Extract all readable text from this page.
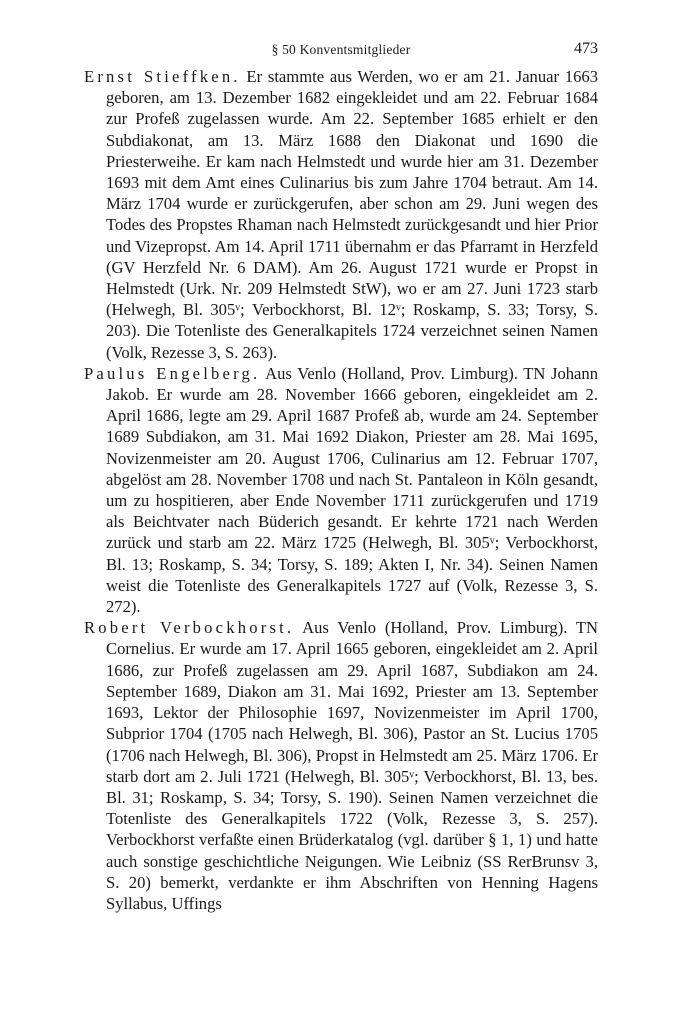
§ 50 Konventsmitglieder	473

Ernst Stieffken. Er stammte aus Werden, wo er am 21. Januar 1663 geboren, am 13. Dezember 1682 eingekleidet und am 22. Februar 1684 zur Profeß zugelassen wurde. Am 22. September 1685 erhielt er den Subdiakonat, am 13. März 1688 den Diakonat und 1690 die Priesterweihe. Er kam nach Helmstedt und wurde hier am 31. Dezember 1693 mit dem Amt eines Culinarius bis zum Jahre 1704 betraut. Am 14. März 1704 wurde er zurückgerufen, aber schon am 29. Juni wegen des Todes des Propstes Rhaman nach Helmstedt zurückgesandt und hier Prior und Vizepropst. Am 14. April 1711 übernahm er das Pfarramt in Herzfeld (GV Herzfeld Nr. 6 DAM). Am 26. August 1721 wurde er Propst in Helmstedt (Urk. Nr. 209 Helmstedt StW), wo er am 27. Juni 1723 starb (Helwegh, Bl. 305ᵛ; Verbockhorst, Bl. 12ᵛ; Roskamp, S. 33; Torsy, S. 203). Die Totenliste des Generalkapitels 1724 verzeichnet seinen Namen (Volk, Rezesse 3, S. 263).

Paulus Engelberg. Aus Venlo (Holland, Prov. Limburg). TN Johann Jakob. Er wurde am 28. November 1666 geboren, eingekleidet am 2. April 1686, legte am 29. April 1687 Profeß ab, wurde am 24. September 1689 Subdiakon, am 31. Mai 1692 Diakon, Priester am 28. Mai 1695, Novizenmeister am 20. August 1706, Culinarius am 12. Februar 1707, abgelöst am 28. November 1708 und nach St. Pantaleon in Köln gesandt, um zu hospitieren, aber Ende November 1711 zurückgerufen und 1719 als Beichtvater nach Büderich gesandt. Er kehrte 1721 nach Werden zurück und starb am 22. März 1725 (Helwegh, Bl. 305ᵛ; Verbockhorst, Bl. 13; Roskamp, S. 34; Torsy, S. 189; Akten I, Nr. 34). Seinen Namen weist die Totenliste des Generalkapitels 1727 auf (Volk, Rezesse 3, S. 272).

Robert Verbockhorst. Aus Venlo (Holland, Prov. Limburg). TN Cornelius. Er wurde am 17. April 1665 geboren, eingekleidet am 2. April 1686, zur Profeß zugelassen am 29. April 1687, Subdiakon am 24. September 1689, Diakon am 31. Mai 1692, Priester am 13. September 1693, Lektor der Philosophie 1697, Novizenmeister im April 1700, Subprior 1704 (1705 nach Helwegh, Bl. 306), Pastor an St. Lucius 1705 (1706 nach Helwegh, Bl. 306), Propst in Helmstedt am 25. März 1706. Er starb dort am 2. Juli 1721 (Helwegh, Bl. 305ᵛ; Verbockhorst, Bl. 13, bes. Bl. 31; Roskamp, S. 34; Torsy, S. 190). Seinen Namen verzeichnet die Totenliste des Generalkapitels 1722 (Volk, Rezesse 3, S. 257). Verbockhorst verfaßte einen Brüderkatalog (vgl. darüber § 1, 1) und hatte auch sonstige geschichtliche Neigungen. Wie Leibniz (SS RerBrunsv 3, S. 20) bemerkt, verdankte er ihm Abschriften von Henning Hagens Syllabus, Uffings
